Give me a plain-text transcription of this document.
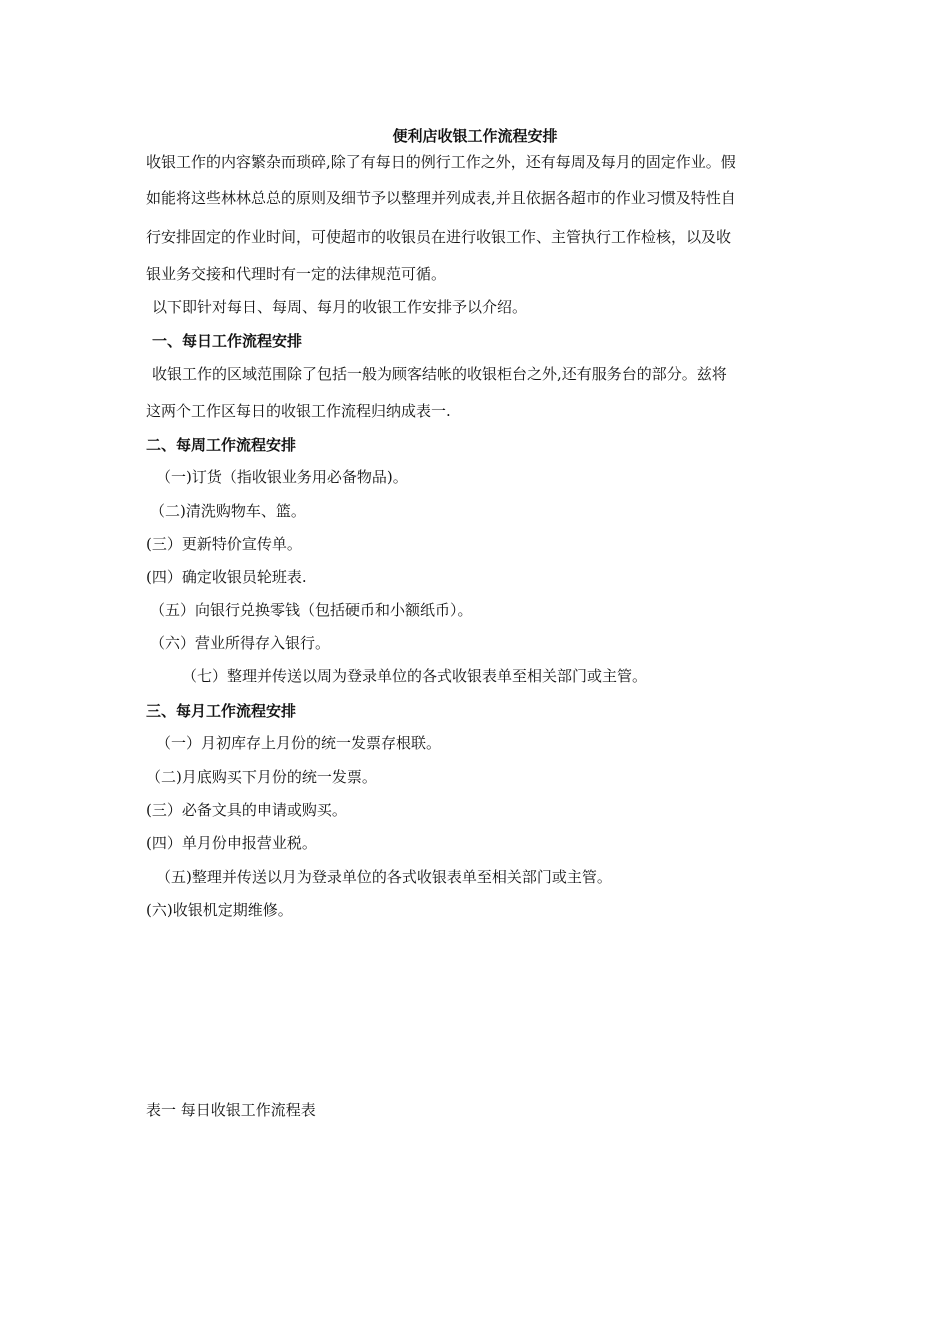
便利店收银工作流程安排
收银工作的内容繁杂而琐碎,除了有每日的例行工作之外，还有每周及每月的固定作业。假
如能将这些林林总总的原则及细节予以整理并列成表,并且依据各超市的作业习惯及特性自
行安排固定的作业时间，可使超市的收银员在进行收银工作、主管执行工作检核，以及收
银业务交接和代理时有一定的法律规范可循。
以下即针对每日、每周、每月的收银工作安排予以介绍。
一、每日工作流程安排
收银工作的区域范围除了包括一般为顾客结帐的收银柜台之外,还有服务台的部分。兹将
这两个工作区每日的收银工作流程归纳成表一.
二、每周工作流程安排
（一)订货（指收银业务用必备物品)。
（二)清洗购物车、篮。
(三）更新特价宣传单。
(四）确定收银员轮班表.
（五）向银行兑换零钱（包括硬币和小额纸币）。
（六）营业所得存入银行。
（七）整理并传送以周为登录单位的各式收银表单至相关部门或主管。
三、每月工作流程安排
（一）月初库存上月份的统一发票存根联。
（二)月底购买下月份的统一发票。
(三）必备文具的申请或购买。
(四）单月份申报营业税。
（五)整理并传送以月为登录单位的各式收银表单至相关部门或主管。
(六)收银机定期维修。
表一 每日收银工作流程表
